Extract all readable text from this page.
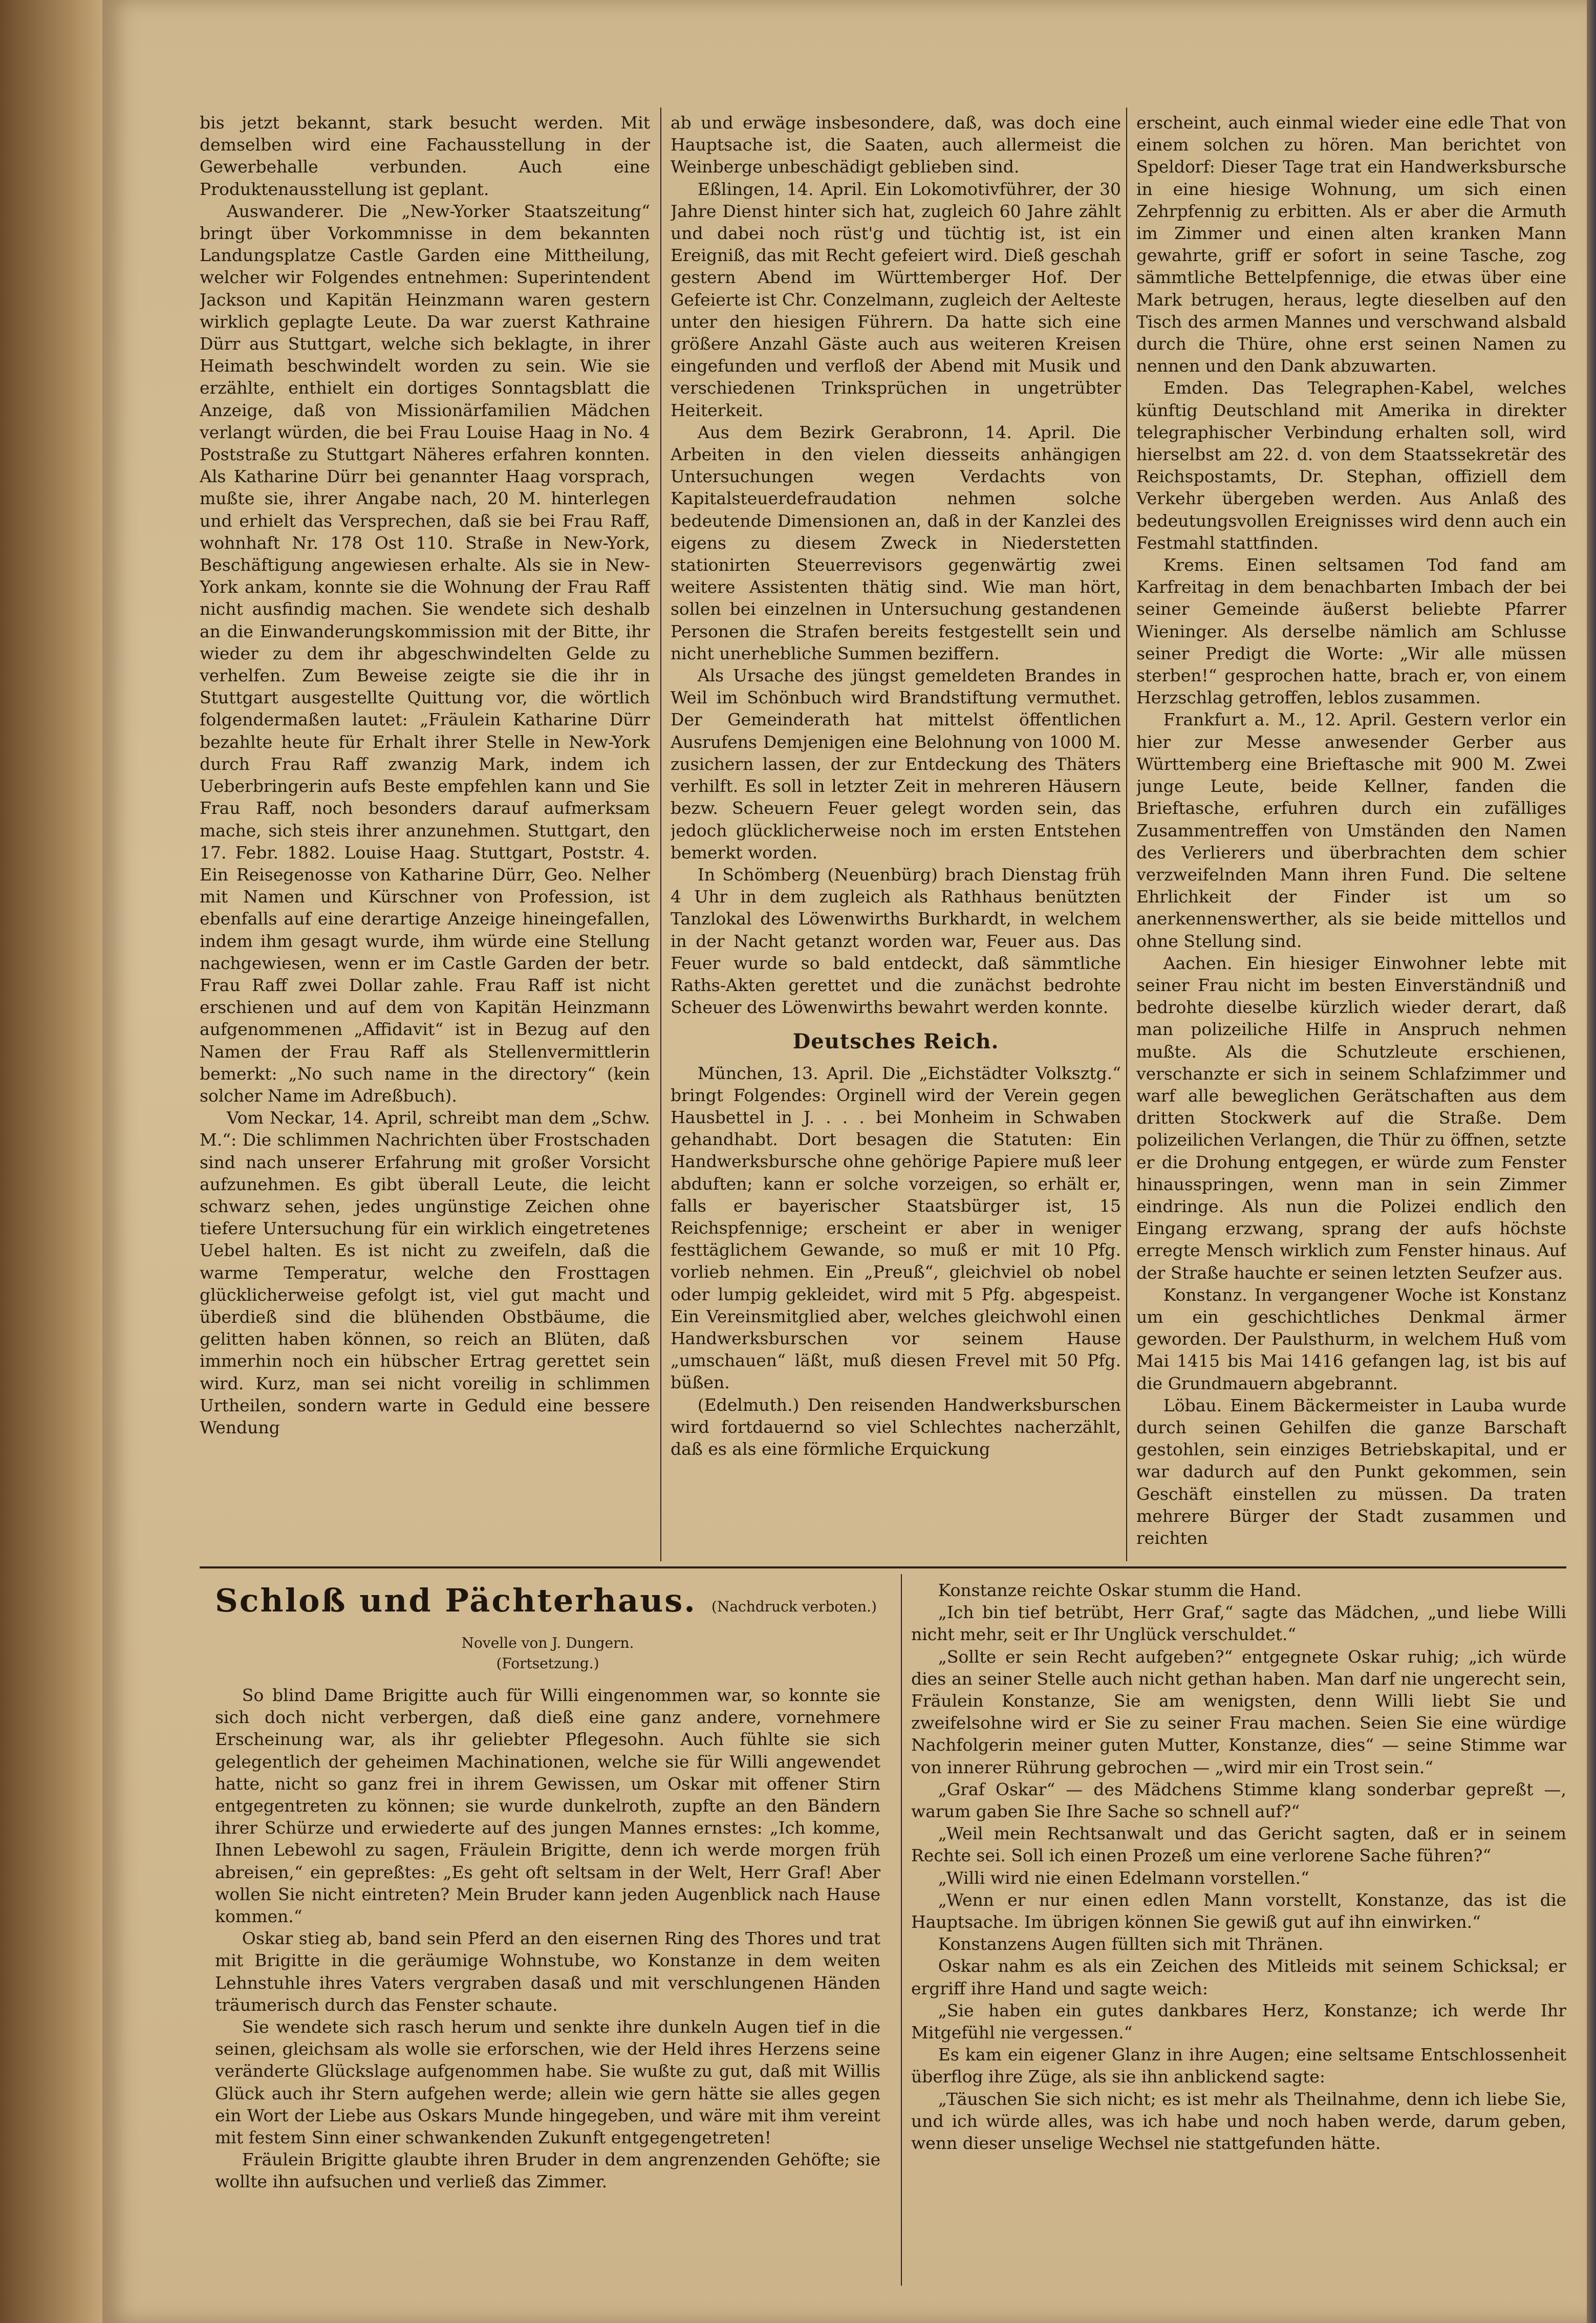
bis jetzt bekannt, stark besucht werden. Mit demselben wird eine Fachausstellung in der Gewerbehalle verbunden. Auch eine Produktenausstellung ist geplant.

Auswanderer. Die „New-Yorker Staatszeitung“ bringt über Vorkommnisse in dem bekannten Landungsplatze Castle Garden eine Mittheilung, welcher wir Folgendes entnehmen: Superintendent Jackson und Kapitän Heinzmann waren gestern wirklich geplagte Leute. Da war zuerst Kathraine Dürr aus Stuttgart, welche sich beklagte, in ihrer Heimath beschwindelt worden zu sein. Wie sie erzählte, enthielt ein dortiges Sonntagsblatt die Anzeige, daß von Missionärfamilien Mädchen verlangt würden, die bei Frau Louise Haag in No. 4 Poststraße zu Stuttgart Näheres erfahren konnten. Als Katharine Dürr bei genannter Haag vorsprach, mußte sie, ihrer Angabe nach, 20 M. hinterlegen und erhielt das Versprechen, daß sie bei Frau Raff, wohnhaft Nr. 178 Ost 110. Straße in New-York, Beschäftigung angewiesen erhalte. Als sie in New-York ankam, konnte sie die Wohnung der Frau Raff nicht ausfindig machen. Sie wendete sich deshalb an die Einwanderungskommission mit der Bitte, ihr wieder zu dem ihr abgeschwindelten Gelde zu verhelfen. Zum Beweise zeigte sie die ihr in Stuttgart ausgestellte Quittung vor, die wörtlich folgendermaßen lautet: „Fräulein Katharine Dürr bezahlte heute für Erhalt ihrer Stelle in New-York durch Frau Raff zwanzig Mark, indem ich Ueberbringerin aufs Beste empfehlen kann und Sie Frau Raff, noch besonders darauf aufmerksam mache, sich steis ihrer anzunehmen. Stuttgart, den 17. Febr. 1882. Louise Haag. Stuttgart, Poststr. 4. Ein Reisegenosse von Katharine Dürr, Geo. Nelher mit Namen und Kürschner von Profession, ist ebenfalls auf eine derartige Anzeige hineingefallen, indem ihm gesagt wurde, ihm würde eine Stellung nachgewiesen, wenn er im Castle Garden der betr. Frau Raff zwei Dollar zahle. Frau Raff ist nicht erschienen und auf dem von Kapitän Heinzmann aufgenommenen „Affidavit“ ist in Bezug auf den Namen der Frau Raff als Stellenvermittlerin bemerkt: „No such name in the directory“ (kein solcher Name im Adreßbuch).

Vom Neckar, 14. April, schreibt man dem „Schw. M.“: Die schlimmen Nachrichten über Frostschaden sind nach unserer Erfahrung mit großer Vorsicht aufzunehmen. Es gibt überall Leute, die leicht schwarz sehen, jedes ungünstige Zeichen ohne tiefere Untersuchung für ein wirklich eingetretenes Uebel halten. Es ist nicht zu zweifeln, daß die warme Temperatur, welche den Frosttagen glücklicherweise gefolgt ist, viel gut macht und überdieß sind die blühenden Obstbäume, die gelitten haben können, so reich an Blüten, daß immerhin noch ein hübscher Ertrag gerettet sein wird. Kurz, man sei nicht voreilig in schlimmen Urtheilen, sondern warte in Geduld eine bessere Wendung

ab und erwäge insbesondere, daß, was doch eine Hauptsache ist, die Saaten, auch allermeist die Weinberge unbeschädigt geblieben sind.

Eßlingen, 14. April. Ein Lokomotivführer, der 30 Jahre Dienst hinter sich hat, zugleich 60 Jahre zählt und dabei noch rüst'g und tüchtig ist, ist ein Ereigniß, das mit Recht gefeiert wird. Dieß geschah gestern Abend im Württemberger Hof. Der Gefeierte ist Chr. Conzelmann, zugleich der Aelteste unter den hiesigen Führern. Da hatte sich eine größere Anzahl Gäste auch aus weiteren Kreisen eingefunden und verfloß der Abend mit Musik und verschiedenen Trinksprüchen in ungetrübter Heiterkeit.

Aus dem Bezirk Gerabronn, 14. April. Die Arbeiten in den vielen diesseits anhängigen Untersuchungen wegen Verdachts von Kapitalsteuerdefraudation nehmen solche bedeutende Dimensionen an, daß in der Kanzlei des eigens zu diesem Zweck in Niederstetten stationirten Steuerrevisors gegenwärtig zwei weitere Assistenten thätig sind. Wie man hört, sollen bei einzelnen in Untersuchung gestandenen Personen die Strafen bereits festgestellt sein und nicht unerhebliche Summen beziffern.

Als Ursache des jüngst gemeldeten Brandes in Weil im Schönbuch wird Brandstiftung vermuthet. Der Gemeinderath hat mittelst öffentlichen Ausrufens Demjenigen eine Belohnung von 1000 M. zusichern lassen, der zur Entdeckung des Thäters verhilft. Es soll in letzter Zeit in mehreren Häusern bezw. Scheuern Feuer gelegt worden sein, das jedoch glücklicherweise noch im ersten Entstehen bemerkt worden.

In Schömberg (Neuenbürg) brach Dienstag früh 4 Uhr in dem zugleich als Rathhaus benützten Tanzlokal des Löwenwirths Burkhardt, in welchem in der Nacht getanzt worden war, Feuer aus. Das Feuer wurde so bald entdeckt, daß sämmtliche Raths-Akten gerettet und die zunächst bedrohte Scheuer des Löwenwirths bewahrt werden konnte.

Deutsches Reich.

München, 13. April. Die „Eichstädter Volksztg.“ bringt Folgendes: Orginell wird der Verein gegen Hausbettel in J. . . . bei Monheim in Schwaben gehandhabt. Dort besagen die Statuten: Ein Handwerksbursche ohne gehörige Papiere muß leer abduften; kann er solche vorzeigen, so erhält er, falls er bayerischer Staatsbürger ist, 15 Reichspfennige; erscheint er aber in weniger festtäglichem Gewande, so muß er mit 10 Pfg. vorlieb nehmen. Ein „Preuß“, gleichviel ob nobel oder lumpig gekleidet, wird mit 5 Pfg. abgespeist. Ein Vereinsmitglied aber, welches gleichwohl einen Handwerksburschen vor seinem Hause „umschauen“ läßt, muß diesen Frevel mit 50 Pfg. büßen.

(Edelmuth.) Den reisenden Handwerksburschen wird fortdauernd so viel Schlechtes nacherzählt, daß es als eine förmliche Erquickung

erscheint, auch einmal wieder eine edle That von einem solchen zu hören. Man berichtet von Speldorf: Dieser Tage trat ein Handwerksbursche in eine hiesige Wohnung, um sich einen Zehrpfennig zu erbitten. Als er aber die Armuth im Zimmer und einen alten kranken Mann gewahrte, griff er sofort in seine Tasche, zog sämmtliche Bettelpfennige, die etwas über eine Mark betrugen, heraus, legte dieselben auf den Tisch des armen Mannes und verschwand alsbald durch die Thüre, ohne erst seinen Namen zu nennen und den Dank abzuwarten.

Emden. Das Telegraphen-Kabel, welches künftig Deutschland mit Amerika in direkter telegraphischer Verbindung erhalten soll, wird hierselbst am 22. d. von dem Staatssekretär des Reichspostamts, Dr. Stephan, offiziell dem Verkehr übergeben werden. Aus Anlaß des bedeutungsvollen Ereignisses wird denn auch ein Festmahl stattfinden.

Krems. Einen seltsamen Tod fand am Karfreitag in dem benachbarten Imbach der bei seiner Gemeinde äußerst beliebte Pfarrer Wieninger. Als derselbe nämlich am Schlusse seiner Predigt die Worte: „Wir alle müssen sterben!“ gesprochen hatte, brach er, von einem Herzschlag getroffen, leblos zusammen.

Frankfurt a. M., 12. April. Gestern verlor ein hier zur Messe anwesender Gerber aus Württemberg eine Brieftasche mit 900 M. Zwei junge Leute, beide Kellner, fanden die Brieftasche, erfuhren durch ein zufälliges Zusammentreffen von Umständen den Namen des Verlierers und überbrachten dem schier verzweifelnden Mann ihren Fund. Die seltene Ehrlichkeit der Finder ist um so anerkennenswerther, als sie beide mittellos und ohne Stellung sind.

Aachen. Ein hiesiger Einwohner lebte mit seiner Frau nicht im besten Einverständniß und bedrohte dieselbe kürzlich wieder derart, daß man polizeiliche Hilfe in Anspruch nehmen mußte. Als die Schutzleute erschienen, verschanzte er sich in seinem Schlafzimmer und warf alle beweglichen Gerätschaften aus dem dritten Stockwerk auf die Straße. Dem polizeilichen Verlangen, die Thür zu öffnen, setzte er die Drohung entgegen, er würde zum Fenster hinausspringen, wenn man in sein Zimmer eindringe. Als nun die Polizei endlich den Eingang erzwang, sprang der aufs höchste erregte Mensch wirklich zum Fenster hinaus. Auf der Straße hauchte er seinen letzten Seufzer aus.

Konstanz. In vergangener Woche ist Konstanz um ein geschichtliches Denkmal ärmer geworden. Der Paulsthurm, in welchem Huß vom Mai 1415 bis Mai 1416 gefangen lag, ist bis auf die Grundmauern abgebrannt.

Löbau. Einem Bäckermeister in Lauba wurde durch seinen Gehilfen die ganze Barschaft gestohlen, sein einziges Betriebskapital, und er war dadurch auf den Punkt gekommen, sein Geschäft einstellen zu müssen. Da traten mehrere Bürger der Stadt zusammen und reichten

Schloß und Pächterhaus. (Nachdruck verboten.)
Novelle von J. Dungern.
(Fortsetzung.)

So blind Dame Brigitte auch für Willi eingenommen war, so konnte sie sich doch nicht verbergen, daß dieß eine ganz andere, vornehmere Erscheinung war, als ihr geliebter Pflegesohn. Auch fühlte sie sich gelegentlich der geheimen Machinationen, welche sie für Willi angewendet hatte, nicht so ganz frei in ihrem Gewissen, um Oskar mit offener Stirn entgegentreten zu können; sie wurde dunkelroth, zupfte an den Bändern ihrer Schürze und erwiederte auf des jungen Mannes ernstes: „Ich komme, Ihnen Lebewohl zu sagen, Fräulein Brigitte, denn ich werde morgen früh abreisen,“ ein gepreßtes: „Es geht oft seltsam in der Welt, Herr Graf! Aber wollen Sie nicht eintreten? Mein Bruder kann jeden Augenblick nach Hause kommen.“

Oskar stieg ab, band sein Pferd an den eisernen Ring des Thores und trat mit Brigitte in die geräumige Wohnstube, wo Konstanze in dem weiten Lehnstuhle ihres Vaters vergraben dasaß und mit verschlungenen Händen träumerisch durch das Fenster schaute.

Sie wendete sich rasch herum und senkte ihre dunkeln Augen tief in die seinen, gleichsam als wolle sie erforschen, wie der Held ihres Herzens seine veränderte Glückslage aufgenommen habe. Sie wußte zu gut, daß mit Willis Glück auch ihr Stern aufgehen werde; allein wie gern hätte sie alles gegen ein Wort der Liebe aus Oskars Munde hingegeben, und wäre mit ihm vereint mit festem Sinn einer schwankenden Zukunft entgegengetreten!

Fräulein Brigitte glaubte ihren Bruder in dem angrenzenden Gehöfte; sie wollte ihn aufsuchen und verließ das Zimmer.

Konstanze reichte Oskar stumm die Hand.

„Ich bin tief betrübt, Herr Graf,“ sagte das Mädchen, „und liebe Willi nicht mehr, seit er Ihr Unglück verschuldet.“

„Sollte er sein Recht aufgeben?“ entgegnete Oskar ruhig; „ich würde dies an seiner Stelle auch nicht gethan haben. Man darf nie ungerecht sein, Fräulein Konstanze, Sie am wenigsten, denn Willi liebt Sie und zweifelsohne wird er Sie zu seiner Frau machen. Seien Sie eine würdige Nachfolgerin meiner guten Mutter, Konstanze, dies“ — seine Stimme war von innerer Rührung gebrochen — „wird mir ein Trost sein.“

„Graf Oskar“ — des Mädchens Stimme klang sonderbar gepreßt —, warum gaben Sie Ihre Sache so schnell auf?“

„Weil mein Rechtsanwalt und das Gericht sagten, daß er in seinem Rechte sei. Soll ich einen Prozeß um eine verlorene Sache führen?“

„Willi wird nie einen Edelmann vorstellen.“

„Wenn er nur einen edlen Mann vorstellt, Konstanze, das ist die Hauptsache. Im übrigen können Sie gewiß gut auf ihn einwirken.“

Konstanzens Augen füllten sich mit Thränen.

Oskar nahm es als ein Zeichen des Mitleids mit seinem Schicksal; er ergriff ihre Hand und sagte weich:

„Sie haben ein gutes dankbares Herz, Konstanze; ich werde Ihr Mitgefühl nie vergessen.“

Es kam ein eigener Glanz in ihre Augen; eine seltsame Entschlossenheit überflog ihre Züge, als sie ihn anblickend sagte:

„Täuschen Sie sich nicht; es ist mehr als Theilnahme, denn ich liebe Sie, und ich würde alles, was ich habe und noch haben werde, darum geben, wenn dieser unselige Wechsel nie stattgefunden hätte.
